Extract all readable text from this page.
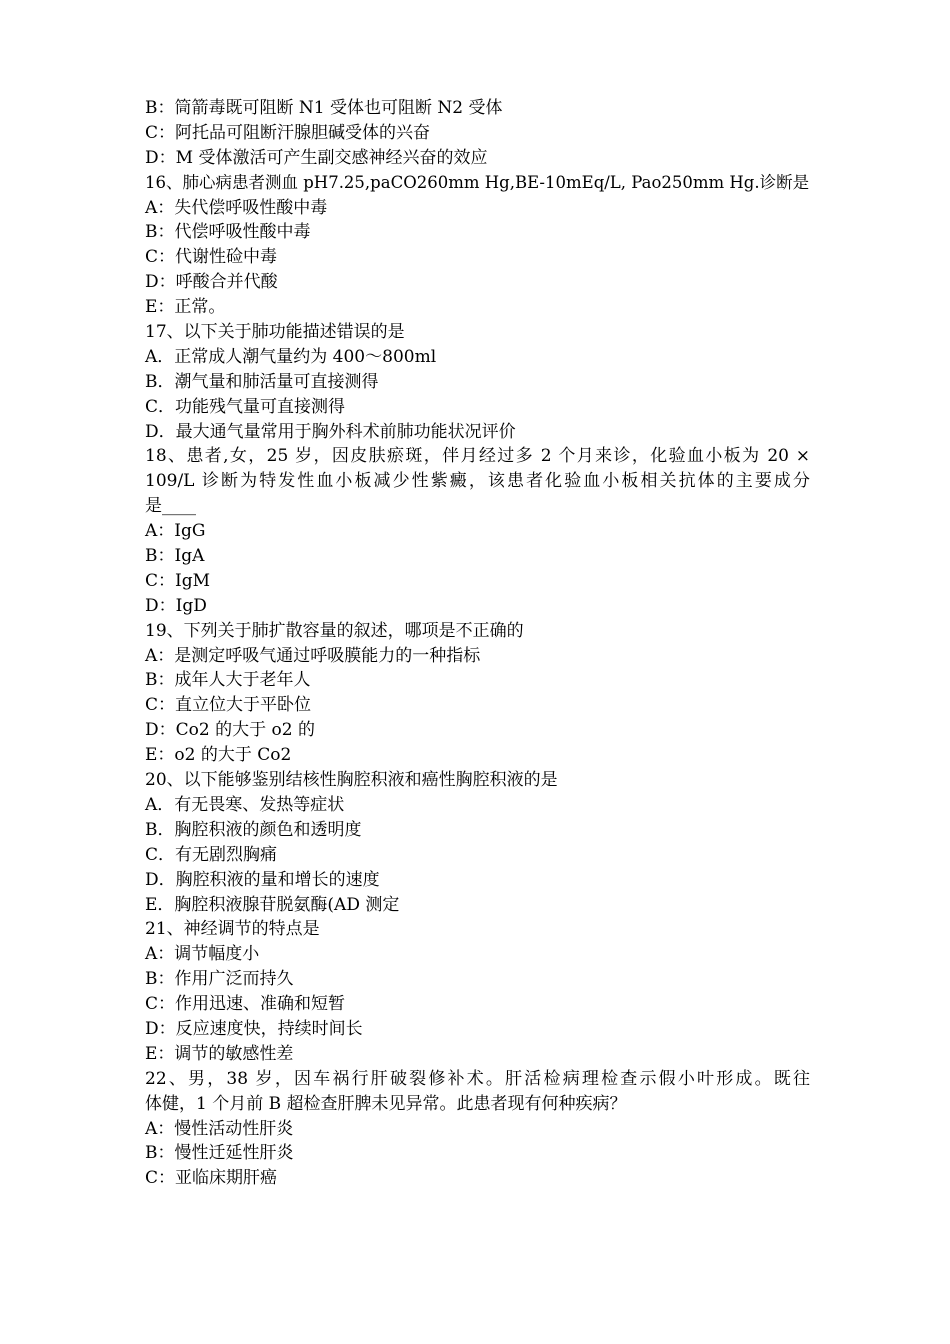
B：筒箭毒既可阻断 N1 受体也可阻断 N2 受体
C：阿托品可阻断汗腺胆碱受体的兴奋
D：M 受体激活可产生副交感神经兴奋的效应
16、肺心病患者测血 pH7.25,paCO260mm Hg,BE-10mEq/L, Pao250mm Hg.诊断是
A：失代偿呼吸性酸中毒
B：代偿呼吸性酸中毒
C：代谢性硷中毒
D：呼酸合并代酸
E：正常。
17、以下关于肺功能描述错误的是
A．正常成人潮气量约为 400～800ml
B．潮气量和肺活量可直接测得
C．功能残气量可直接测得
D．最大通气量常用于胸外科术前肺功能状况评价
18、患者,女，25 岁，因皮肤瘀斑，伴月经过多 2 个月来诊，化验血小板为 20 ×
109/L 诊断为特发性血小板减少性紫癜，该患者化验血小板相关抗体的主要成分
是____
A：IgG
B：IgA
C：IgM
D：IgD
19、下列关于肺扩散容量的叙述，哪项是不正确的
A：是测定呼吸气通过呼吸膜能力的一种指标
B：成年人大于老年人
C：直立位大于平卧位
D：Co2 的大于 o2 的
E：o2 的大于 Co2
20、以下能够鉴别结核性胸腔积液和癌性胸腔积液的是
A．有无畏寒、发热等症状
B．胸腔积液的颜色和透明度
C．有无剧烈胸痛
D．胸腔积液的量和增长的速度
E．胸腔积液腺苷脱氨酶(AD 测定
21、神经调节的特点是
A：调节幅度小
B：作用广泛而持久
C：作用迅速、准确和短暂
D：反应速度快，持续时间长
E：调节的敏感性差
22、男，38 岁，因车祸行肝破裂修补术。肝活检病理检查示假小叶形成。既往
体健，1 个月前 B 超检查肝脾未见异常。此患者现有何种疾病？
A：慢性活动性肝炎
B：慢性迁延性肝炎
C：亚临床期肝癌
